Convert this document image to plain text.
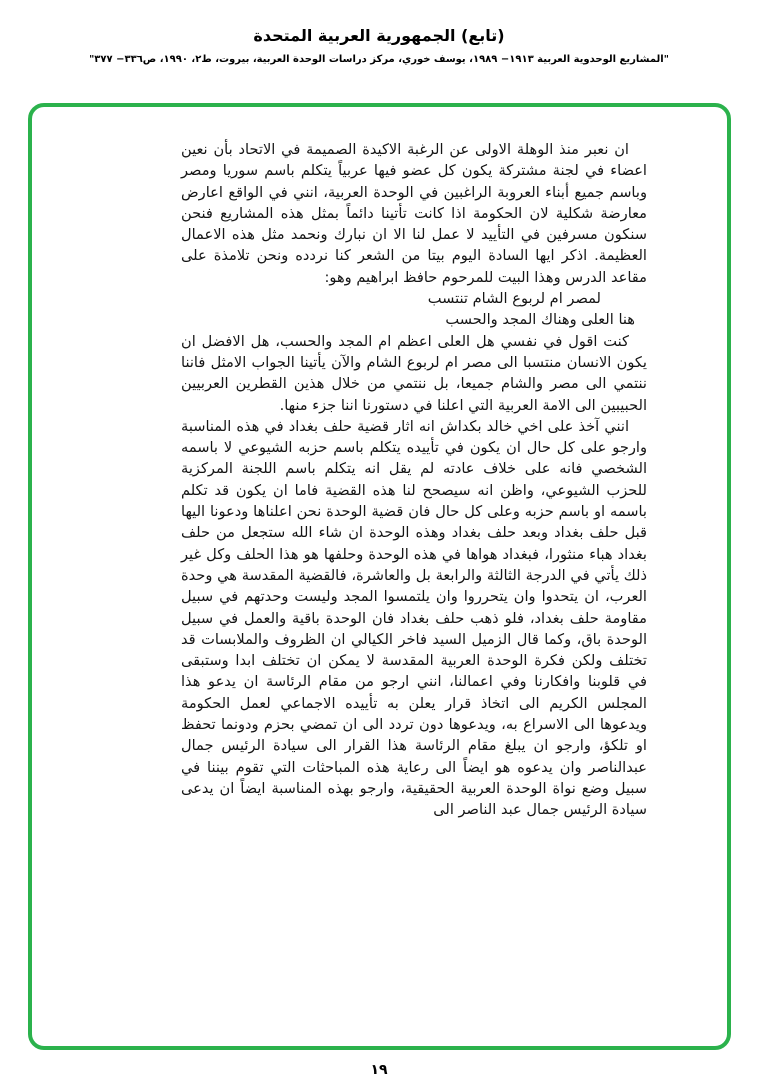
(تابع) الجمهورية العربية المتحدة
"المشاريع الوحدوية العربية ١٩١٣− ١٩٨٩، يوسف خوري، مركز دراسات الوحدة العربية، بيروت، ط٢، ١٩٩٠، ص٣٣٦− ٣٧٧"
ان نعبر منذ الوهلة الاولى عن الرغبة الاكيدة الصميمة في الاتحاد بأن نعين اعضاء في لجنة مشتركة يكون كل عضو فيها عربياً يتكلم باسم سوريا ومصر وباسم جميع أبناء العروبة الراغبين في الوحدة العربية، انني في الواقع اعارض معارضة شكلية لان الحكومة اذا كانت تأتينا دائماً بمثل هذه المشاريع فنحن سنكون مسرفين في التأييد لا عمل لنا الا ان نبارك ونحمد مثل هذه الاعمال العظيمة. اذكر ايها السادة اليوم بيتا من الشعر كنا نردده ونحن تلامذة على مقاعد الدرس وهذا البيت للمرحوم حافظ ابراهيم وهو:
لمصر ام لربوع الشام تنتسب
هنا العلى وهناك المجد والحسب
كنت اقول في نفسي هل العلى اعظم ام المجد والحسب، هل الافضل ان يكون الانسان منتسبا الى مصر ام لربوع الشام والآن يأتينا الجواب الامثل فاننا ننتمي الى مصر والشام جميعا، بل ننتمي من خلال هذين القطرين العربيين الحبيبين الى الامة العربية التي اعلنا في دستورنا اننا جزء منها.
انني آخذ على اخي خالد بكداش انه اثار قضية حلف بغداد في هذه المناسبة وارجو على كل حال ان يكون في تأييده يتكلم باسم حزبه الشيوعي لا باسمه الشخصي فانه على خلاف عادته لم يقل انه يتكلم باسم اللجنة المركزية للحزب الشيوعي، واظن انه سيصحح لنا هذه القضية فاما ان يكون قد تكلم باسمه او باسم حزبه وعلى كل حال فان قضية الوحدة نحن اعلناها ودعونا اليها قبل حلف بغداد وبعد حلف بغداد وهذه الوحدة ان شاء الله ستجعل من حلف بغداد هباء منثورا، فبغداد هواها في هذه الوحدة وحلفها هو هذا الحلف وكل غير ذلك يأتي في الدرجة الثالثة والرابعة بل والعاشرة، فالقضية المقدسة هي وحدة العرب، ان يتحدوا وان يتحرروا وان يلتمسوا المجد وليست وحدتهم في سبيل مقاومة حلف بغداد، فلو ذهب حلف بغداد فان الوحدة باقية والعمل في سبيل الوحدة باق، وكما قال الزميل السيد فاخر الكيالي ان الظروف والملابسات قد تختلف ولكن فكرة الوحدة العربية المقدسة لا يمكن ان تختلف ابدا وستبقى في قلوبنا وافكارنا وفي اعمالنا، انني ارجو من مقام الرئاسة ان يدعو هذا المجلس الكريم الى اتخاذ قرار يعلن به تأييده الاجماعي لعمل الحكومة ويدعوها الى الاسراع به، ويدعوها دون تردد الى ان تمضي بحزم ودونما تحفظ او تلكؤ، وارجو ان يبلغ مقام الرئاسة هذا القرار الى سيادة الرئيس جمال عبدالناصر وان يدعوه هو ايضاً الى رعاية هذه المباحثات التي تقوم بيننا في سبيل وضع نواة الوحدة العربية الحقيقية، وارجو بهذه المناسبة ايضاً ان يدعى سيادة الرئيس جمال عبد الناصر الى
١٩
